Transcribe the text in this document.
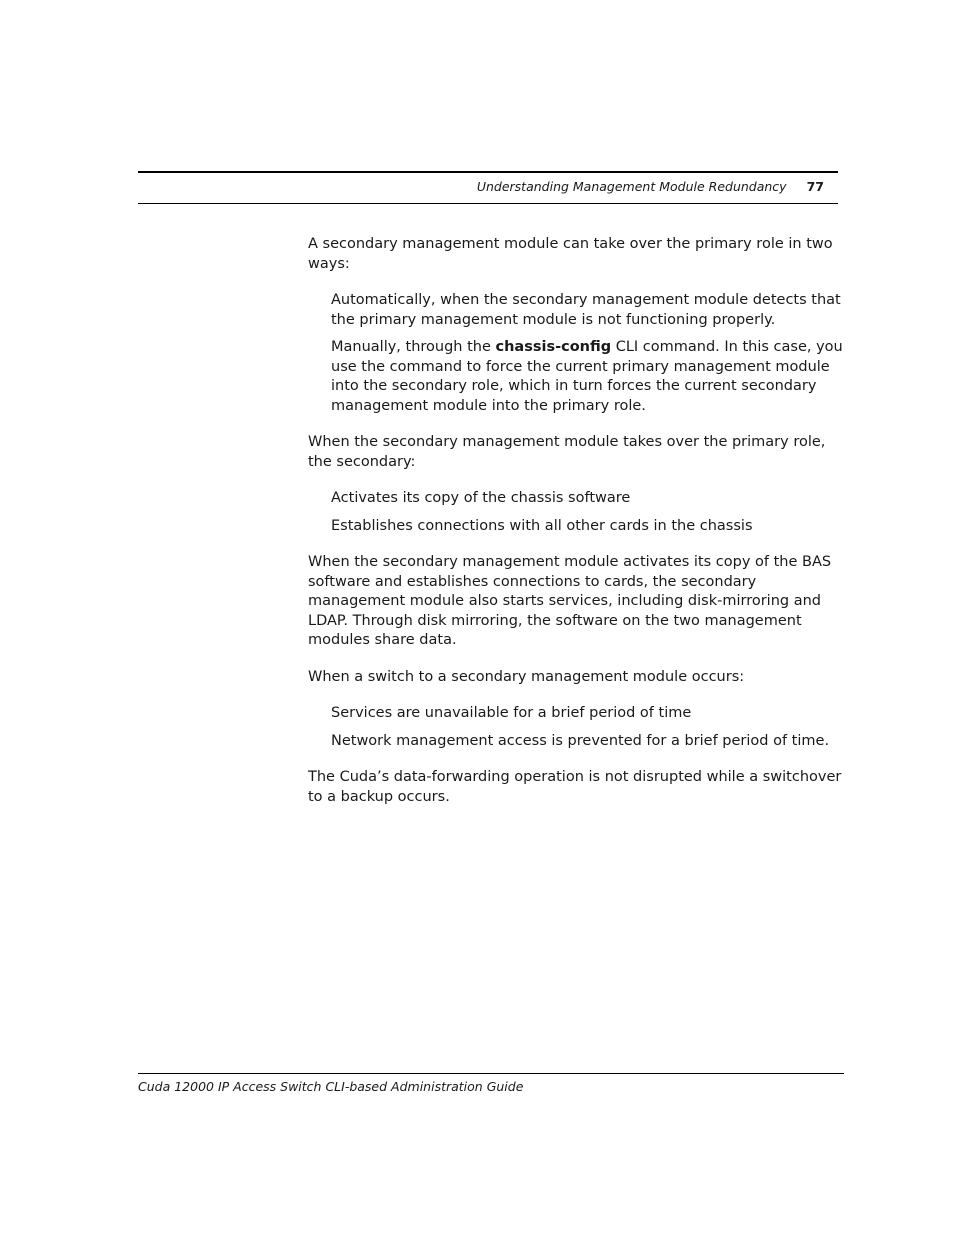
Understanding Management Module Redundancy 77

A secondary management module can take over the primary role in two ways:

Automatically, when the secondary management module detects that the primary management module is not functioning properly.

Manually, through the chassis-config CLI command. In this case, you use the command to force the current primary management module into the secondary role, which in turn forces the current secondary management module into the primary role.

When the secondary management module takes over the primary role, the secondary:

Activates its copy of the chassis software

Establishes connections with all other cards in the chassis

When the secondary management module activates its copy of the BAS software and establishes connections to cards, the secondary management module also starts services, including disk-mirroring and LDAP. Through disk mirroring, the software on the two management modules share data.

When a switch to a secondary management module occurs:

Services are unavailable for a brief period of time

Network management access is prevented for a brief period of time.

The Cuda’s data-forwarding operation is not disrupted while a switchover to a backup occurs.

Cuda 12000 IP Access Switch CLI-based Administration Guide
